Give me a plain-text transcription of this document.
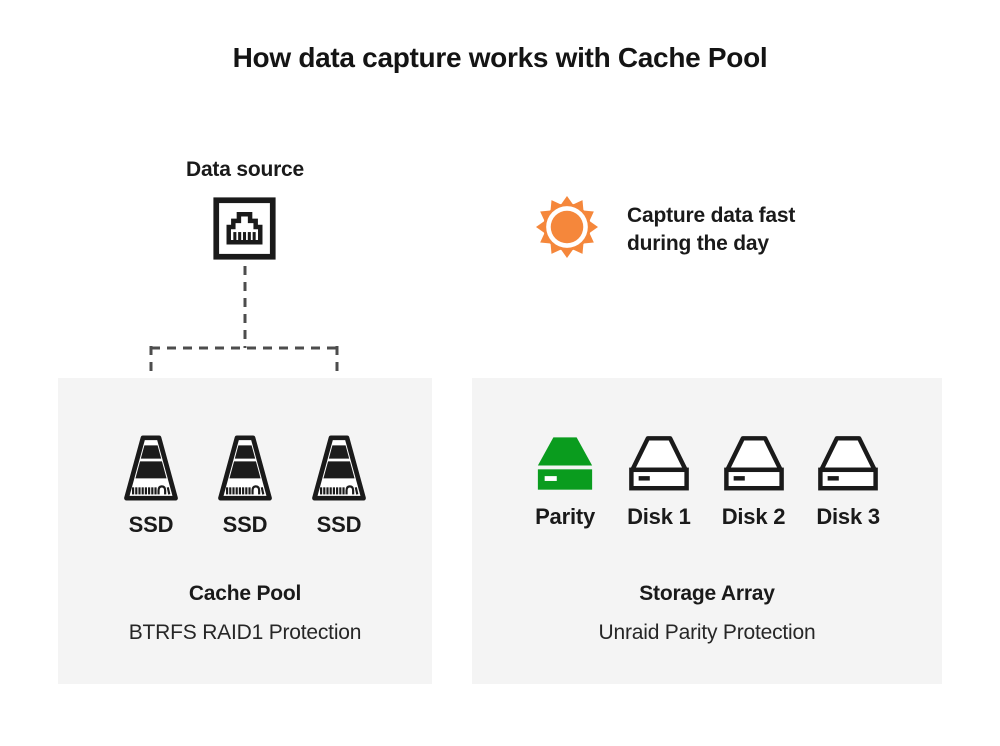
How data capture works with Cache Pool
Data source
Capture data fast
during the day
SSD SSD SSD
Cache Pool
BTRFS RAID1 Protection
Parity Disk 1 Disk 2 Disk 3
Storage Array
Unraid Parity Protection
